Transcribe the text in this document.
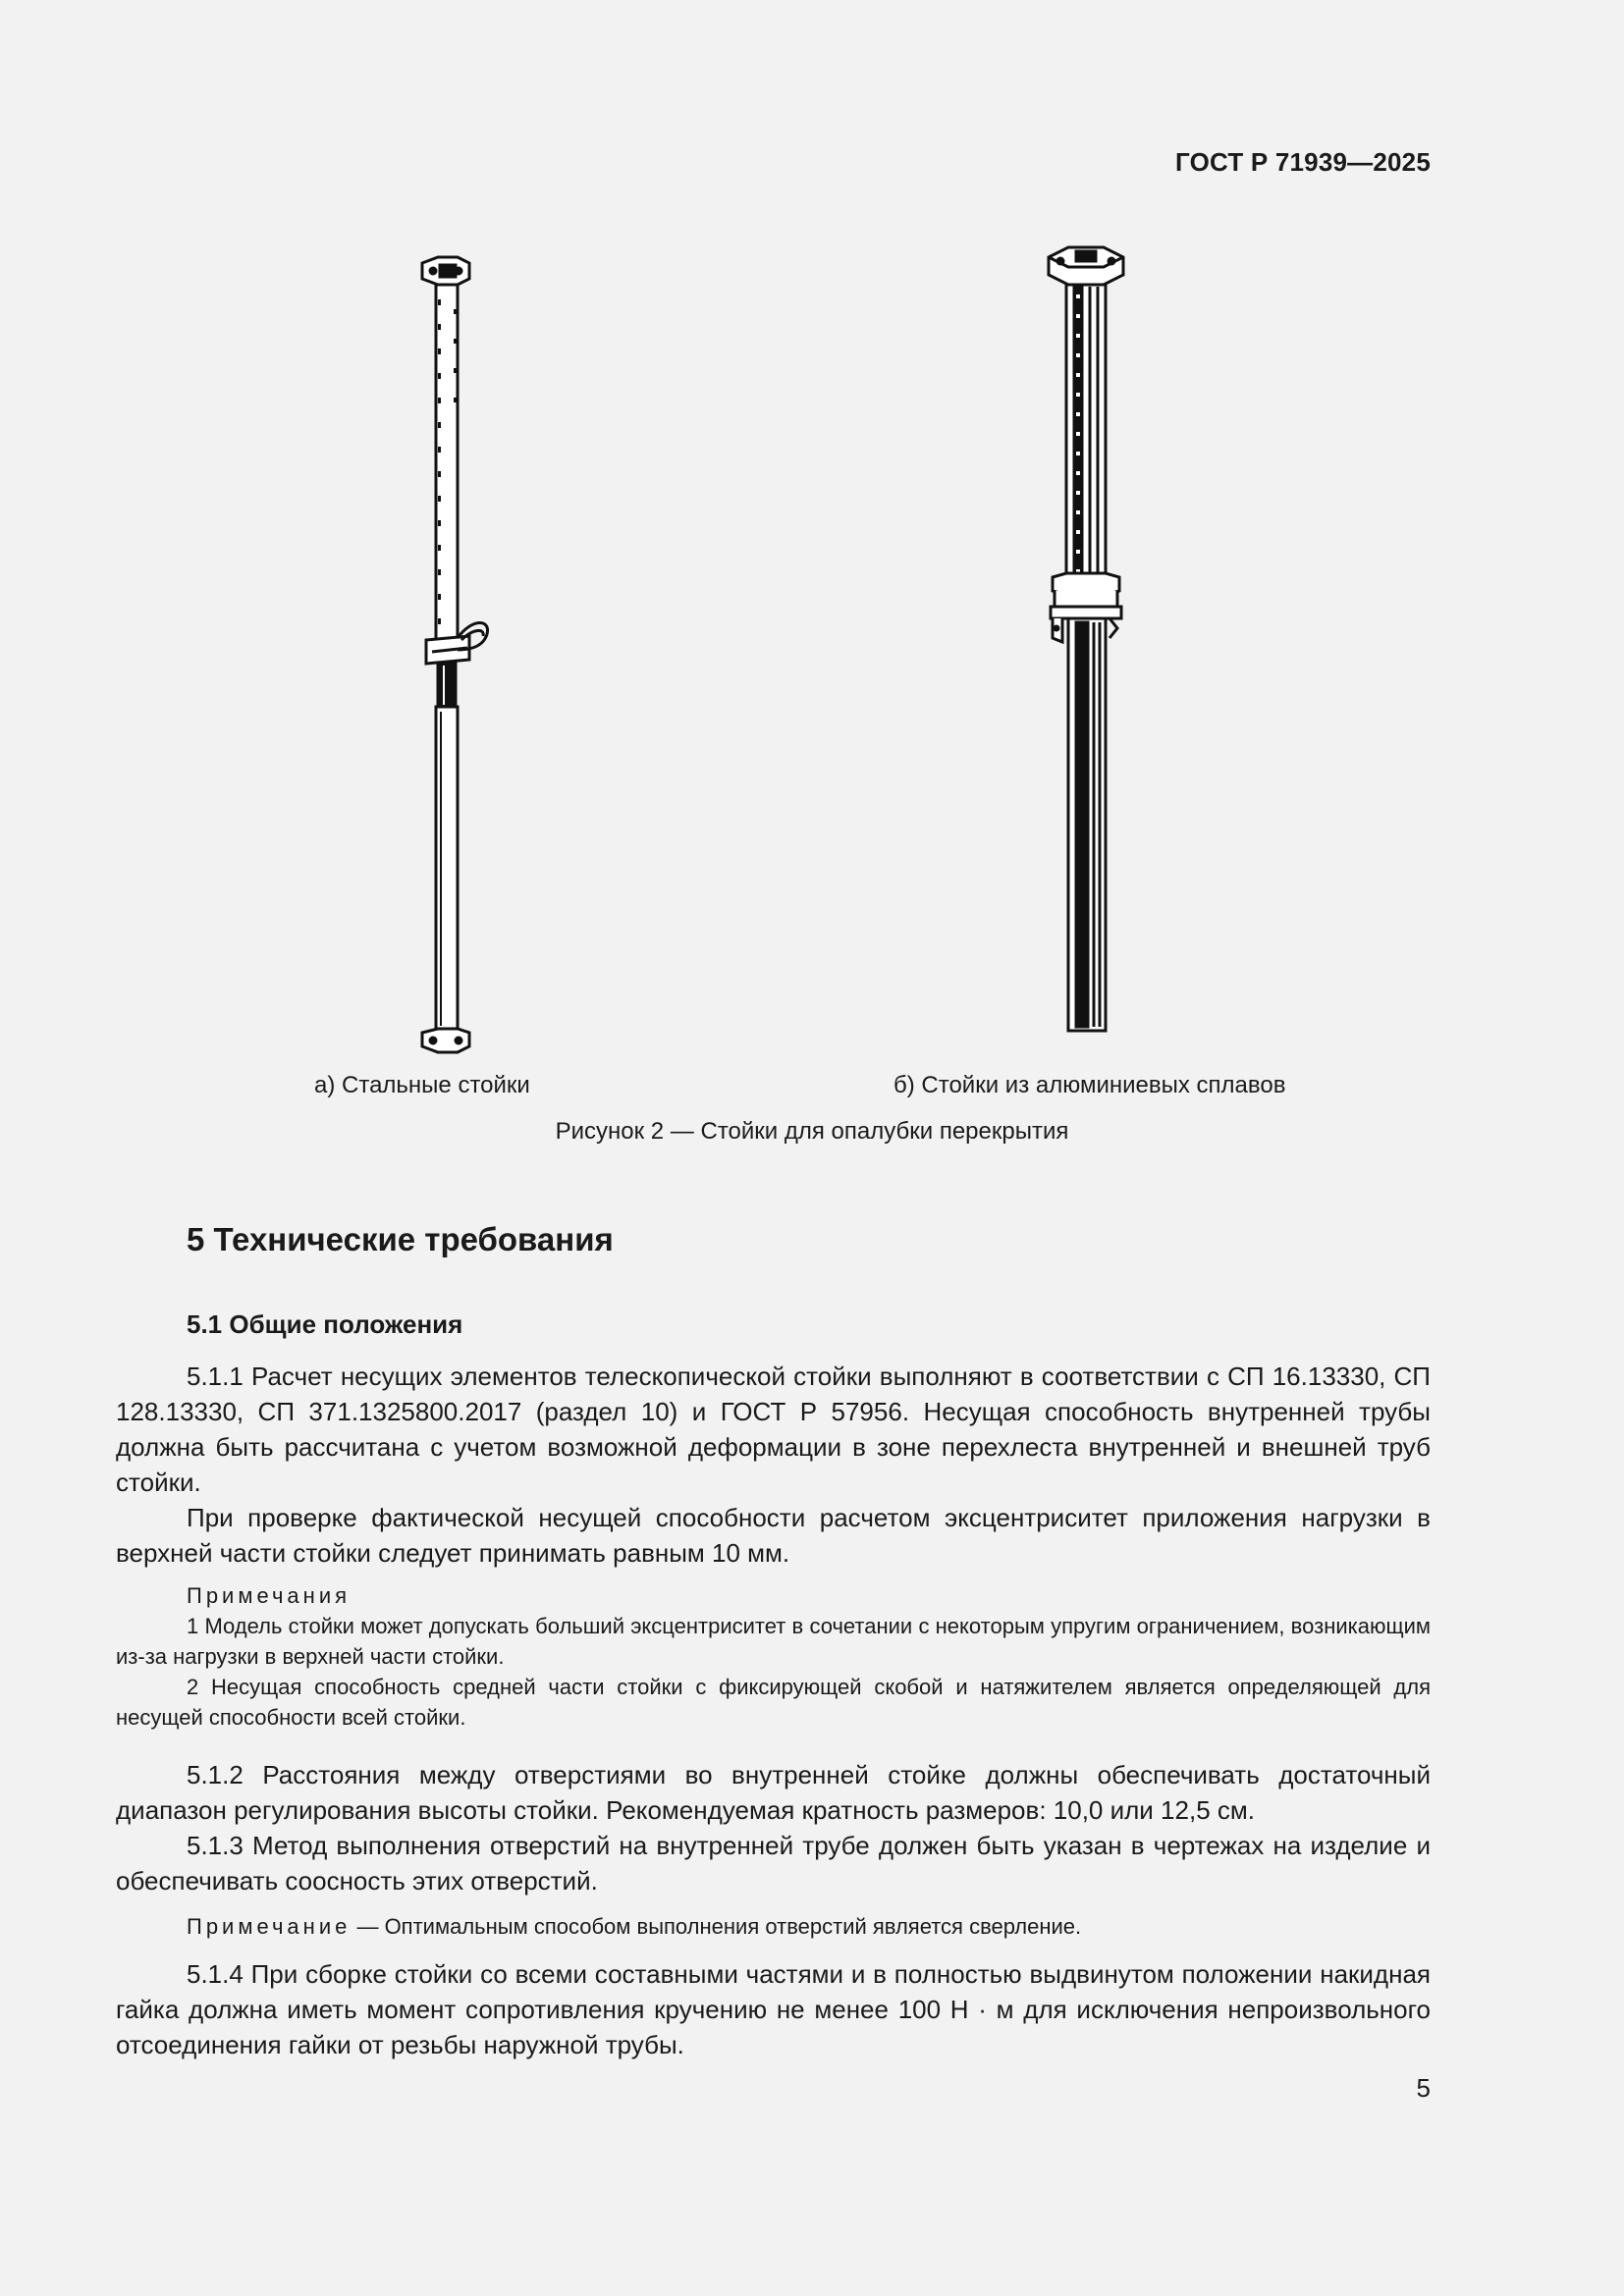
ГОСТ Р 71939—2025
а) Стальные стойки	б) Стойки из алюминиевых сплавов
Рисунок 2 — Стойки для опалубки перекрытия
5 Технические требования
5.1 Общие положения

5.1.1 Расчет несущих элементов телескопической стойки выполняют в соответствии с СП 16.13330, СП 128.13330, СП 371.1325800.2017 (раздел 10) и ГОСТ Р 57956. Несущая способность внутренней трубы должна быть рассчитана с учетом возможной деформации в зоне перехлеста внутренней и внешней труб стойки.

При проверке фактической несущей способности расчетом эксцентриситет приложения нагрузки в верхней части стойки следует принимать равным 10 мм.

Примечания

1 Модель стойки может допускать больший эксцентриситет в сочетании с некоторым упругим ограничением, возникающим из-за нагрузки в верхней части стойки.

2 Несущая способность средней части стойки с фиксирующей скобой и натяжителем является определяющей для несущей способности всей стойки.

5.1.2 Расстояния между отверстиями во внутренней стойке должны обеспечивать достаточный диапазон регулирования высоты стойки. Рекомендуемая кратность размеров: 10,0 или 12,5 см.

5.1.3 Метод выполнения отверстий на внутренней трубе должен быть указан в чертежах на изделие и обеспечивать соосность этих отверстий.

Примечание — Оптимальным способом выполнения отверстий является сверление.

5.1.4 При сборке стойки со всеми составными частями и в полностью выдвинутом положении накидная гайка должна иметь момент сопротивления кручению не менее 100 Н · м для исключения непроизвольного отсоединения гайки от резьбы наружной трубы.

5
